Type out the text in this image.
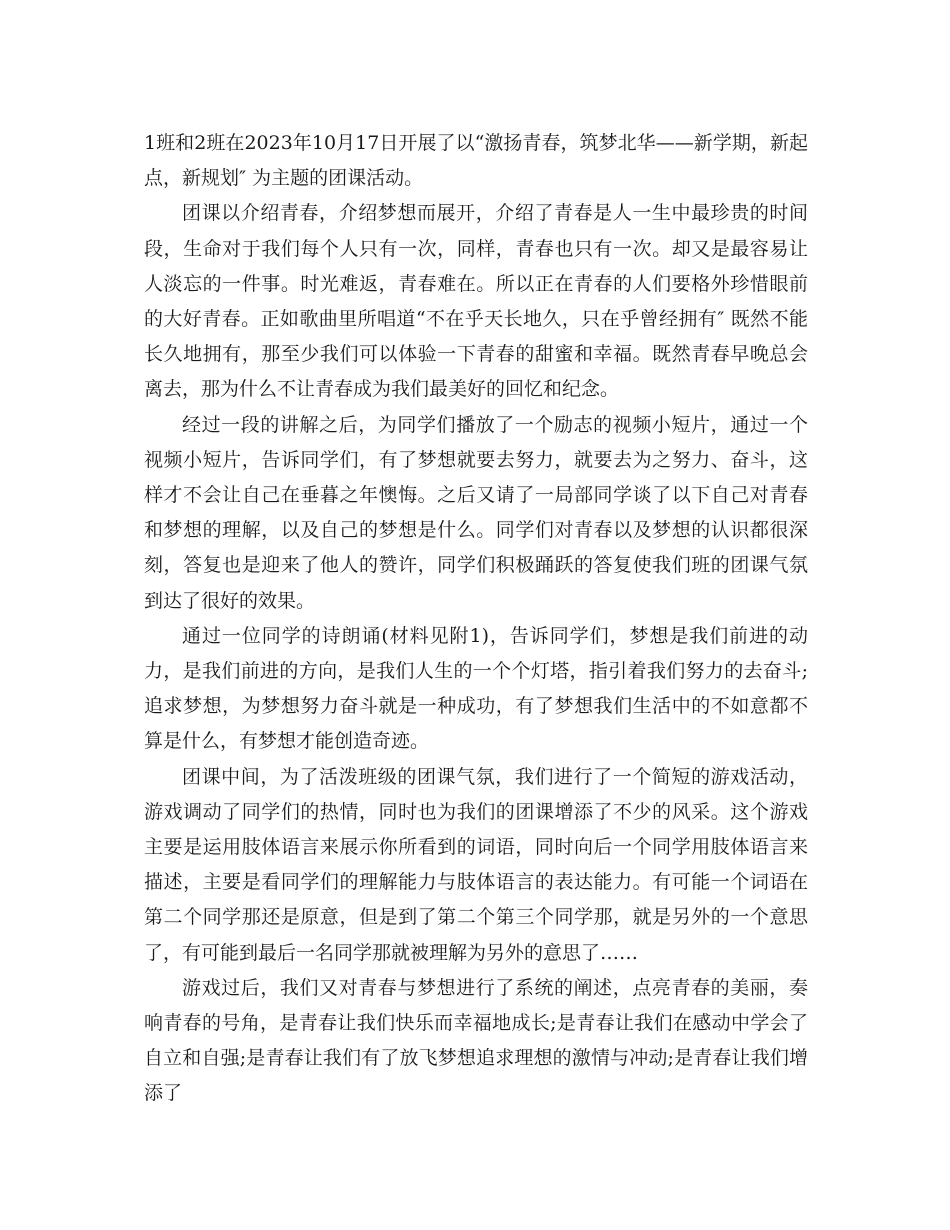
1班和2班在2023年10月17日开展了以“激扬青春，筑梦北华——新学期，新起点，新规划″ 为主题的团课活动。

团课以介绍青春，介绍梦想而展开，介绍了青春是人一生中最珍贵的时间段，生命对于我们每个人只有一次，同样，青春也只有一次。却又是最容易让人淡忘的一件事。时光难返，青春难在。所以正在青春的人们要格外珍惜眼前的大好青春。正如歌曲里所唱道“不在乎天长地久，只在乎曾经拥有″ 既然不能长久地拥有，那至少我们可以体验一下青春的甜蜜和幸福。既然青春早晚总会离去，那为什么不让青春成为我们最美好的回忆和纪念。

经过一段的讲解之后，为同学们播放了一个励志的视频小短片，通过一个视频小短片，告诉同学们，有了梦想就要去努力，就要去为之努力、奋斗，这样才不会让自己在垂暮之年懊悔。之后又请了一局部同学谈了以下自己对青春和梦想的理解，以及自己的梦想是什么。同学们对青春以及梦想的认识都很深刻，答复也是迎来了他人的赞许，同学们积极踊跃的答复使我们班的团课气氛到达了很好的效果。

通过一位同学的诗朗诵(材料见附1)，告诉同学们，梦想是我们前进的动力，是我们前进的方向，是我们人生的一个个灯塔，指引着我们努力的去奋斗;追求梦想，为梦想努力奋斗就是一种成功，有了梦想我们生活中的不如意都不算是什么，有梦想才能创造奇迹。

团课中间，为了活泼班级的团课气氛，我们进行了一个简短的游戏活动，游戏调动了同学们的热情，同时也为我们的团课增添了不少的风采。这个游戏主要是运用肢体语言来展示你所看到的词语，同时向后一个同学用肢体语言来描述，主要是看同学们的理解能力与肢体语言的表达能力。有可能一个词语在第二个同学那还是原意，但是到了第二个第三个同学那，就是另外的一个意思了，有可能到最后一名同学那就被理解为另外的意思了……

游戏过后，我们又对青春与梦想进行了系统的阐述，点亮青春的美丽，奏响青春的号角，是青春让我们快乐而幸福地成长;是青春让我们在感动中学会了自立和自强;是青春让我们有了放飞梦想追求理想的激情与冲动;是青春让我们增添了
